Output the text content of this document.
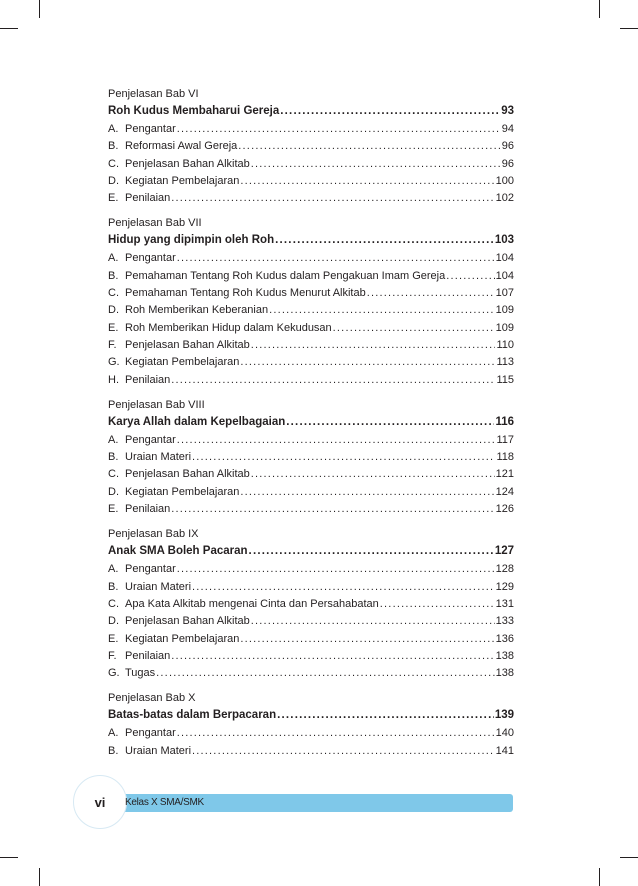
Penjelasan Bab VI
Roh Kudus Membaharui Gereja .....	93
A. Pengantar .....	94
B. Reformasi Awal Gereja .....	96
C. Penjelasan Bahan Alkitab .....	96
D. Kegiatan Pembelajaran .....	100
E. Penilaian .....	102
Penjelasan Bab VII
Hidup yang dipimpin oleh Roh .....	103
A. Pengantar .....	104
B. Pemahaman Tentang Roh Kudus dalam Pengakuan Imam Gereja .....	104
C. Pemahaman Tentang Roh Kudus Menurut Alkitab .....	107
D. Roh Memberikan Keberanian .....	109
E. Roh Memberikan Hidup dalam Kekudusan .....	109
F. Penjelasan Bahan Alkitab .....	110
G. Kegiatan Pembelajaran .....	113
H. Penilaian .....	115
Penjelasan Bab VIII
Karya Allah dalam Kepelbagaian .....	116
A. Pengantar .....	117
B. Uraian Materi .....	118
C. Penjelasan Bahan Alkitab .....	121
D. Kegiatan Pembelajaran .....	124
E. Penilaian .....	126
Penjelasan Bab IX
Anak SMA Boleh Pacaran .....	127
A. Pengantar .....	128
B. Uraian Materi .....	129
C. Apa Kata Alkitab mengenai Cinta dan Persahabatan .....	131
D. Penjelasan Bahan Alkitab .....	133
E. Kegiatan Pembelajaran .....	136
F. Penilaian .....	138
G. Tugas .....	138
Penjelasan Bab X
Batas-batas dalam Berpacaran .....	139
A. Pengantar .....	140
B. Uraian Materi .....	141
vi Kelas X SMA/SMK
